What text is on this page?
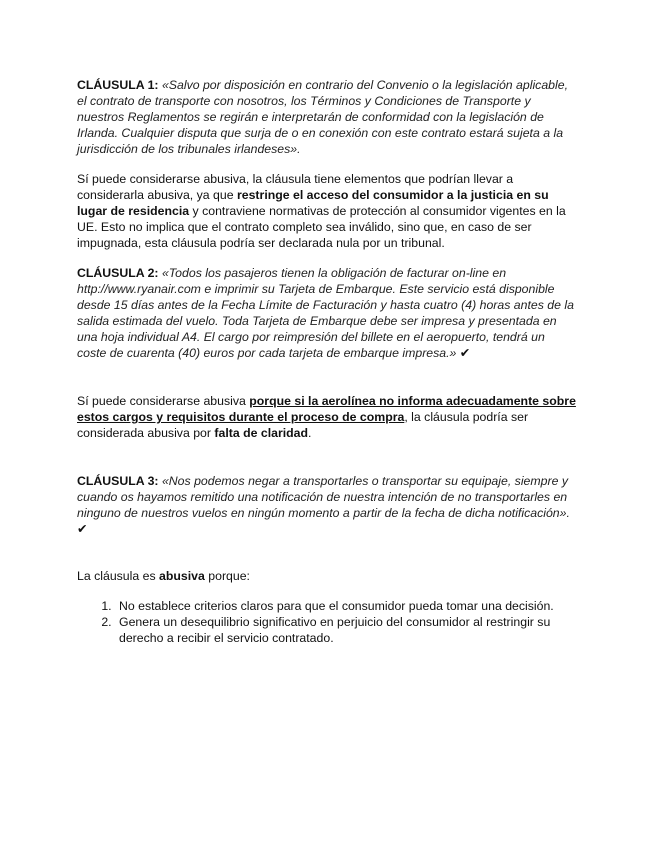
CLÁUSULA 1: «Salvo por disposición en contrario del Convenio o la legislación aplicable, el contrato de transporte con nosotros, los Términos y Condiciones de Transporte y nuestros Reglamentos se regirán e interpretarán de conformidad con la legislación de Irlanda. Cualquier disputa que surja de o en conexión con este contrato estará sujeta a la jurisdicción de los tribunales irlandeses».

Sí puede considerarse abusiva, la cláusula tiene elementos que podrían llevar a considerarla abusiva, ya que restringe el acceso del consumidor a la justicia en su lugar de residencia y contraviene normativas de protección al consumidor vigentes en la UE. Esto no implica que el contrato completo sea inválido, sino que, en caso de ser impugnada, esta cláusula podría ser declarada nula por un tribunal.

CLÁUSULA 2: «Todos los pasajeros tienen la obligación de facturar on-line en http://www.ryanair.com e imprimir su Tarjeta de Embarque. Este servicio está disponible desde 15 días antes de la Fecha Límite de Facturación y hasta cuatro (4) horas antes de la salida estimada del vuelo. Toda Tarjeta de Embarque debe ser impresa y presentada en una hoja individual A4. El cargo por reimpresión del billete en el aeropuerto, tendrá un coste de cuarenta (40) euros por cada tarjeta de embarque impresa.» ✔

Sí puede considerarse abusiva porque si la aerolínea no informa adecuadamente sobre estos cargos y requisitos durante el proceso de compra, la cláusula podría ser considerada abusiva por falta de claridad.

CLÁUSULA 3: «Nos podemos negar a transportarles o transportar su equipaje, siempre y cuando os hayamos remitido una notificación de nuestra intención de no transportarles en ninguno de nuestros vuelos en ningún momento a partir de la fecha de dicha notificación». ✔

La cláusula es abusiva porque:

1. No establece criterios claros para que el consumidor pueda tomar una decisión.
2. Genera un desequilibrio significativo en perjuicio del consumidor al restringir su derecho a recibir el servicio contratado.
